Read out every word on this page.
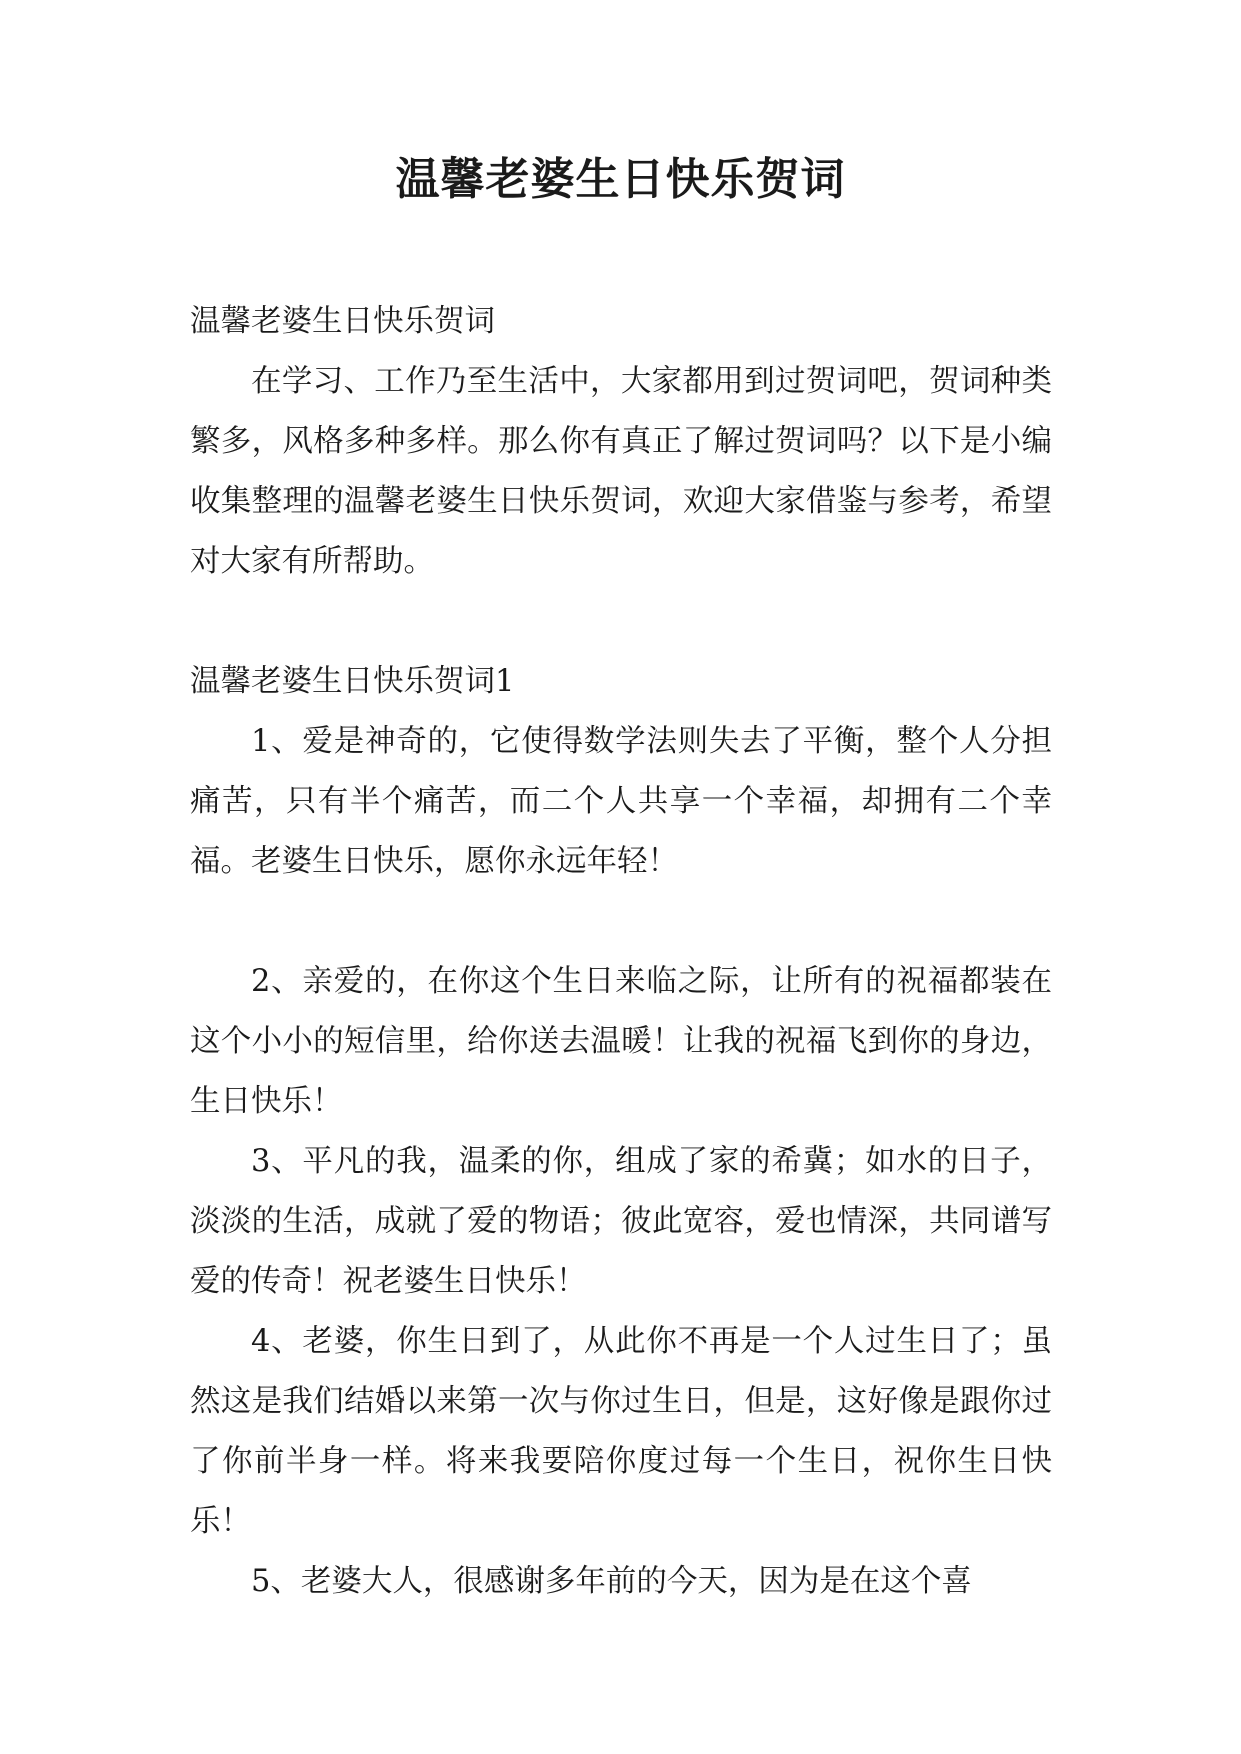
温馨老婆生日快乐贺词

温馨老婆生日快乐贺词

在学习、工作乃至生活中，大家都用到过贺词吧，贺词种类繁多，风格多种多样。那么你有真正了解过贺词吗？以下是小编收集整理的温馨老婆生日快乐贺词，欢迎大家借鉴与参考，希望对大家有所帮助。

温馨老婆生日快乐贺词1

1、爱是神奇的，它使得数学法则失去了平衡，整个人分担痛苦，只有半个痛苦，而二个人共享一个幸福，却拥有二个幸福。老婆生日快乐，愿你永远年轻！

2、亲爱的，在你这个生日来临之际，让所有的祝福都装在这个小小的短信里，给你送去温暖！让我的祝福飞到你的身边，生日快乐！

3、平凡的我，温柔的你，组成了家的希冀；如水的日子，淡淡的生活，成就了爱的物语；彼此宽容，爱也情深，共同谱写爱的传奇！祝老婆生日快乐！

4、老婆，你生日到了，从此你不再是一个人过生日了；虽然这是我们结婚以来第一次与你过生日，但是，这好像是跟你过了你前半身一样。将来我要陪你度过每一个生日，祝你生日快乐！

5、老婆大人，很感谢多年前的今天，因为是在这个喜
